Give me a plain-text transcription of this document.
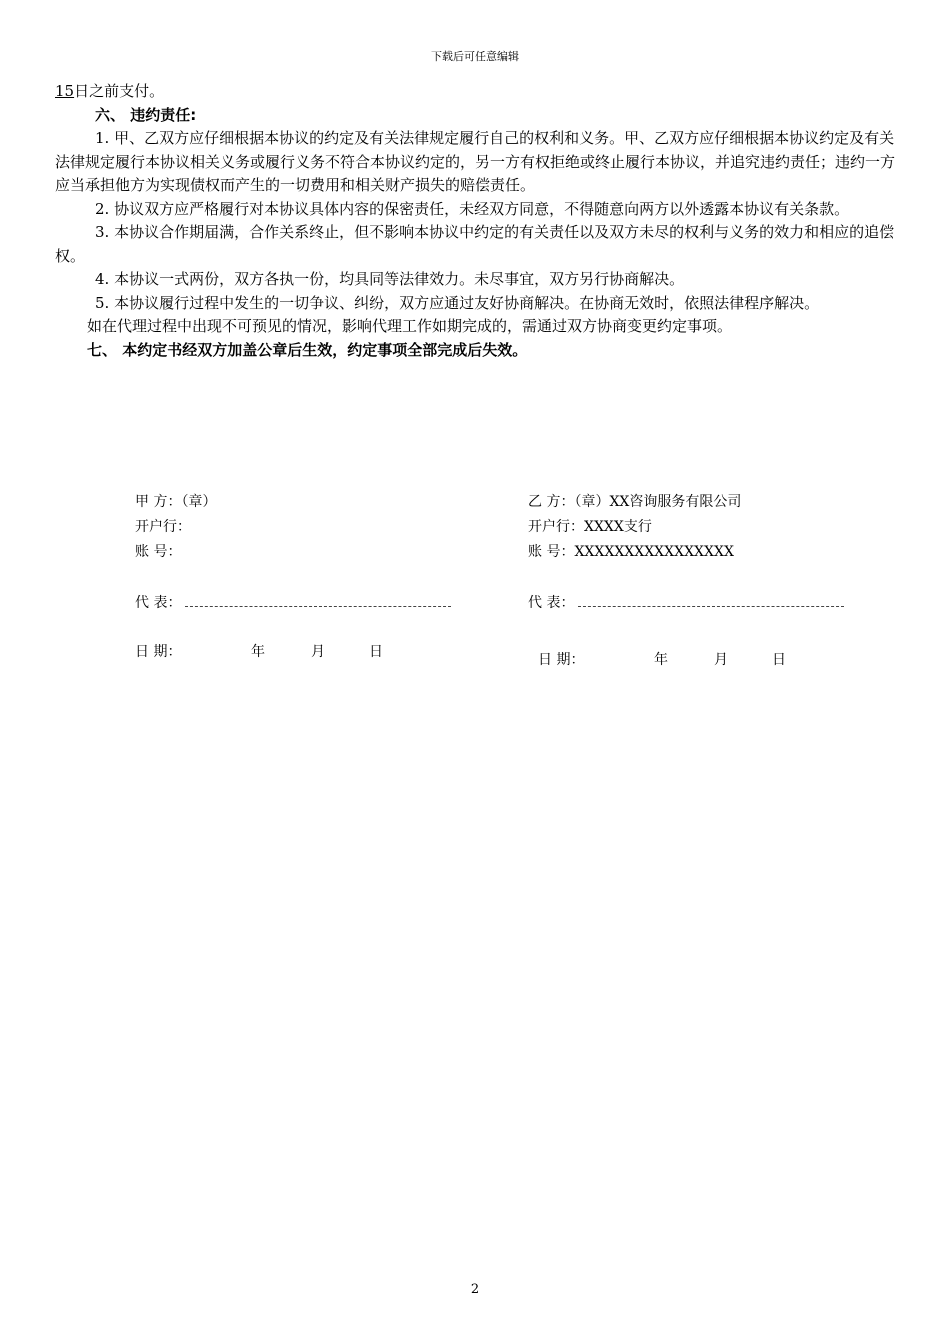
下载后可任意编辑

15日之前支付。

六、 违约责任:

1. 甲、乙双方应仔细根据本协议的约定及有关法律规定履行自己的权利和义务。甲、乙双方应仔细根据本协议约定及有关法律规定履行本协议相关义务或履行义务不符合本协议约定的，另一方有权拒绝或终止履行本协议，并追究违约责任；违约一方应当承担他方为实现债权而产生的一切费用和相关财产损失的赔偿责任。

2. 协议双方应严格履行对本协议具体内容的保密责任，未经双方同意，不得随意向两方以外透露本协议有关条款。

3. 本协议合作期届满，合作关系终止，但不影响本协议中约定的有关责任以及双方未尽的权利与义务的效力和相应的追偿权。

4. 本协议一式两份，双方各执一份，均具同等法律效力。未尽事宜，双方另行协商解决。

5. 本协议履行过程中发生的一切争议、纠纷，双方应通过友好协商解决。在协商无效时，依照法律程序解决。

如在代理过程中出现不可预见的情况，影响代理工作如期完成的，需通过双方协商变更约定事项。

七、 本约定书经双方加盖公章后生效，约定事项全部完成后失效。

甲 方：（章）
开户行：
账 号：
代 表：
日 期：	年	月	日
乙 方：（章）XX咨询服务有限公司
开户行：XXXX支行
账 号：XXXXXXXXXXXXXXXX
代 表：
日 期：	年	月	日
2
